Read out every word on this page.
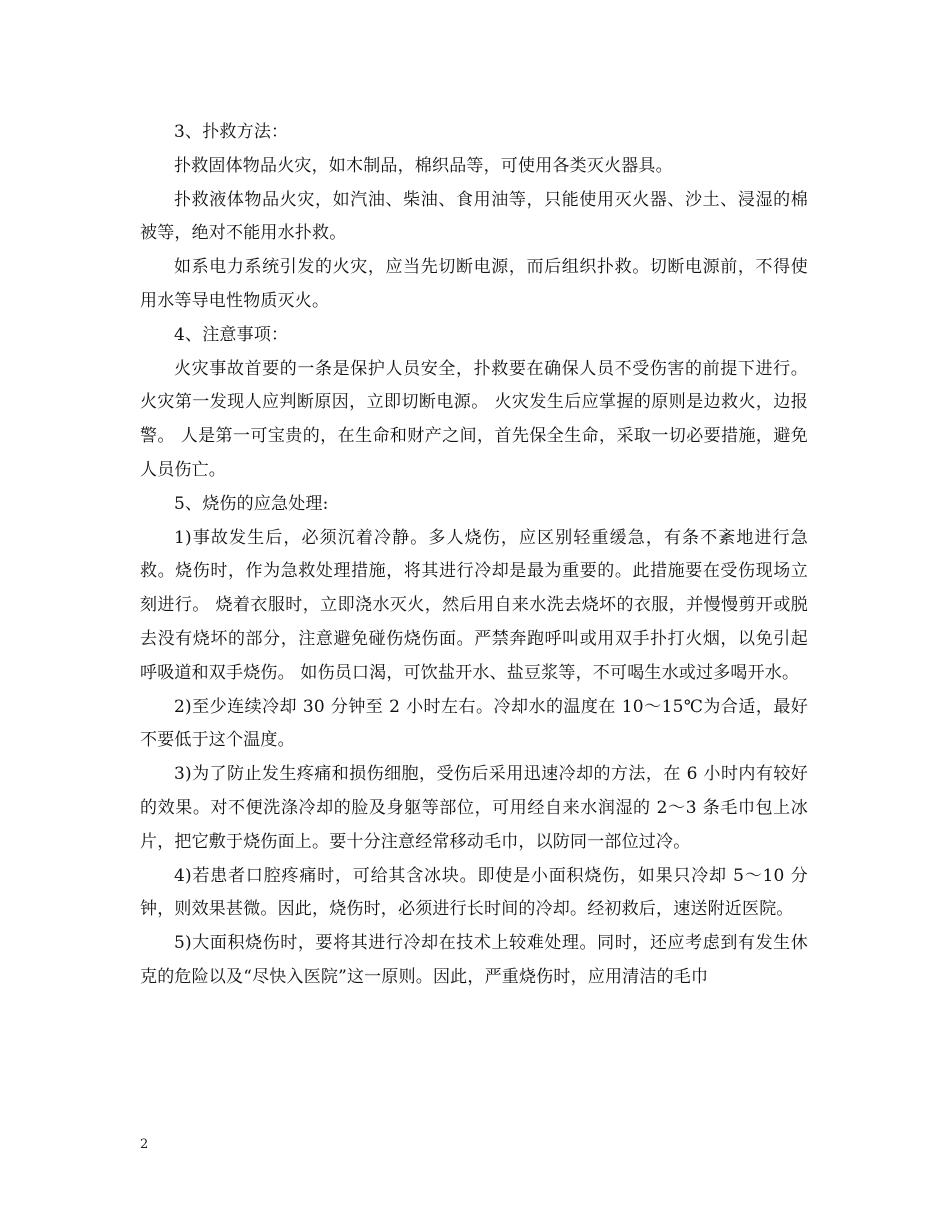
3、扑救方法：

扑救固体物品火灾，如木制品，棉织品等，可使用各类灭火器具。

扑救液体物品火灾，如汽油、柴油、食用油等，只能使用灭火器、沙土、浸湿的棉被等，绝对不能用水扑救。

如系电力系统引发的火灾，应当先切断电源，而后组织扑救。切断电源前，不得使用水等导电性物质灭火。

4、注意事项：

火灾事故首要的一条是保护人员安全，扑救要在确保人员不受伤害的前提下进行。 火灾第一发现人应判断原因，立即切断电源。 火灾发生后应掌握的原则是边救火，边报警。 人是第一可宝贵的，在生命和财产之间，首先保全生命，采取一切必要措施，避免人员伤亡。

5、烧伤的应急处理:

1)事故发生后，必须沉着冷静。多人烧伤，应区别轻重缓急，有条不紊地进行急救。烧伤时，作为急救处理措施，将其进行冷却是最为重要的。此措施要在受伤现场立刻进行。 烧着衣服时，立即浇水灭火，然后用自来水洗去烧坏的衣服，并慢慢剪开或脱去没有烧坏的部分，注意避免碰伤烧伤面。严禁奔跑呼叫或用双手扑打火烟，以免引起呼吸道和双手烧伤。 如伤员口渴，可饮盐开水、盐豆浆等，不可喝生水或过多喝开水。

2)至少连续冷却 30 分钟至 2 小时左右。冷却水的温度在 10～15℃为合适，最好不要低于这个温度。

3)为了防止发生疼痛和损伤细胞，受伤后采用迅速冷却的方法，在 6 小时内有较好的效果。对不便洗涤冷却的脸及身躯等部位，可用经自来水润湿的 2～3 条毛巾包上冰片，把它敷于烧伤面上。要十分注意经常移动毛巾，以防同一部位过冷。

4)若患者口腔疼痛时，可给其含冰块。即使是小面积烧伤，如果只冷却 5～10 分钟，则效果甚微。因此，烧伤时，必须进行长时间的冷却。经初救后，速送附近医院。

5)大面积烧伤时，要将其进行冷却在技术上较难处理。同时，还应考虑到有发生休克的危险以及“尽快入医院”这一原则。因此，严重烧伤时，应用清洁的毛巾

2
